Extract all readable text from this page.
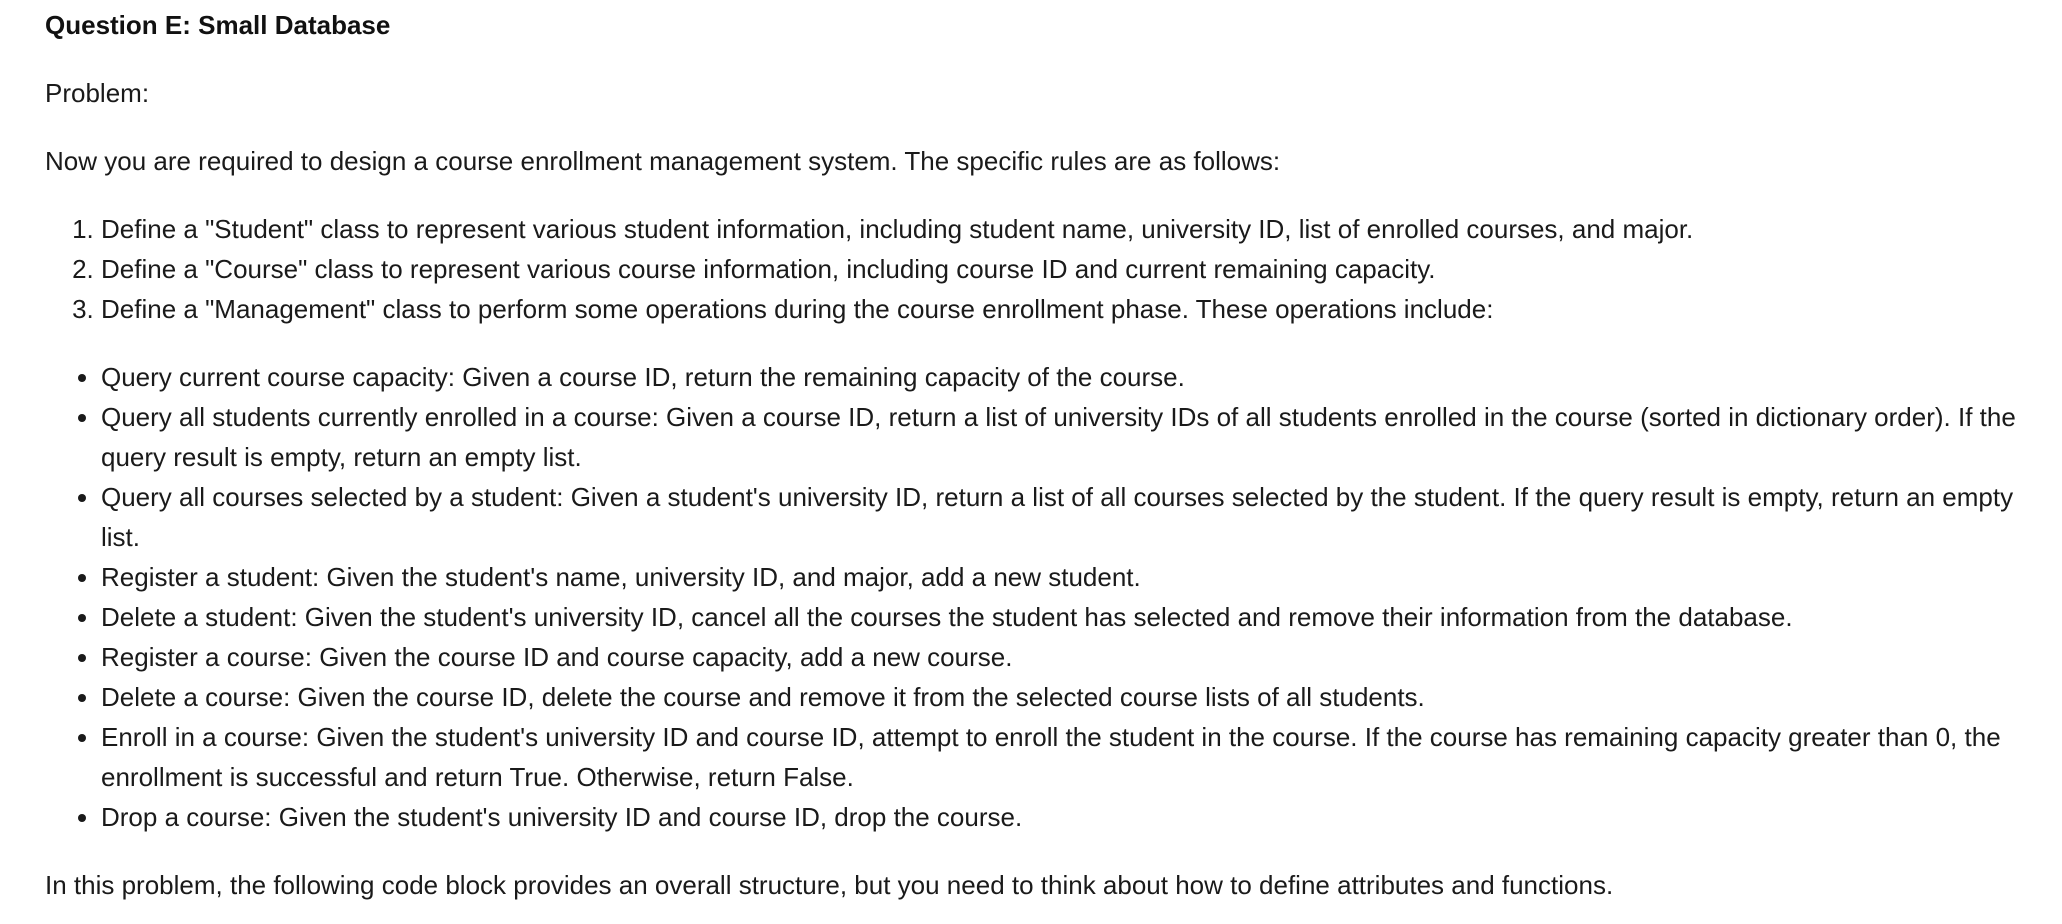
Question E: Small Database
Problem:
Now you are required to design a course enrollment management system. The specific rules are as follows:
1. Define a "Student" class to represent various student information, including student name, university ID, list of enrolled courses, and major.
2. Define a "Course" class to represent various course information, including course ID and current remaining capacity.
3. Define a "Management" class to perform some operations during the course enrollment phase. These operations include:
• Query current course capacity: Given a course ID, return the remaining capacity of the course.
• Query all students currently enrolled in a course: Given a course ID, return a list of university IDs of all students enrolled in the course (sorted in dictionary order). If the query result is empty, return an empty list.
• Query all courses selected by a student: Given a student's university ID, return a list of all courses selected by the student. If the query result is empty, return an empty list.
• Register a student: Given the student's name, university ID, and major, add a new student.
• Delete a student: Given the student's university ID, cancel all the courses the student has selected and remove their information from the database.
• Register a course: Given the course ID and course capacity, add a new course.
• Delete a course: Given the course ID, delete the course and remove it from the selected course lists of all students.
• Enroll in a course: Given the student's university ID and course ID, attempt to enroll the student in the course. If the course has remaining capacity greater than 0, the enrollment is successful and return True. Otherwise, return False.
• Drop a course: Given the student's university ID and course ID, drop the course.
In this problem, the following code block provides an overall structure, but you need to think about how to define attributes and functions.
